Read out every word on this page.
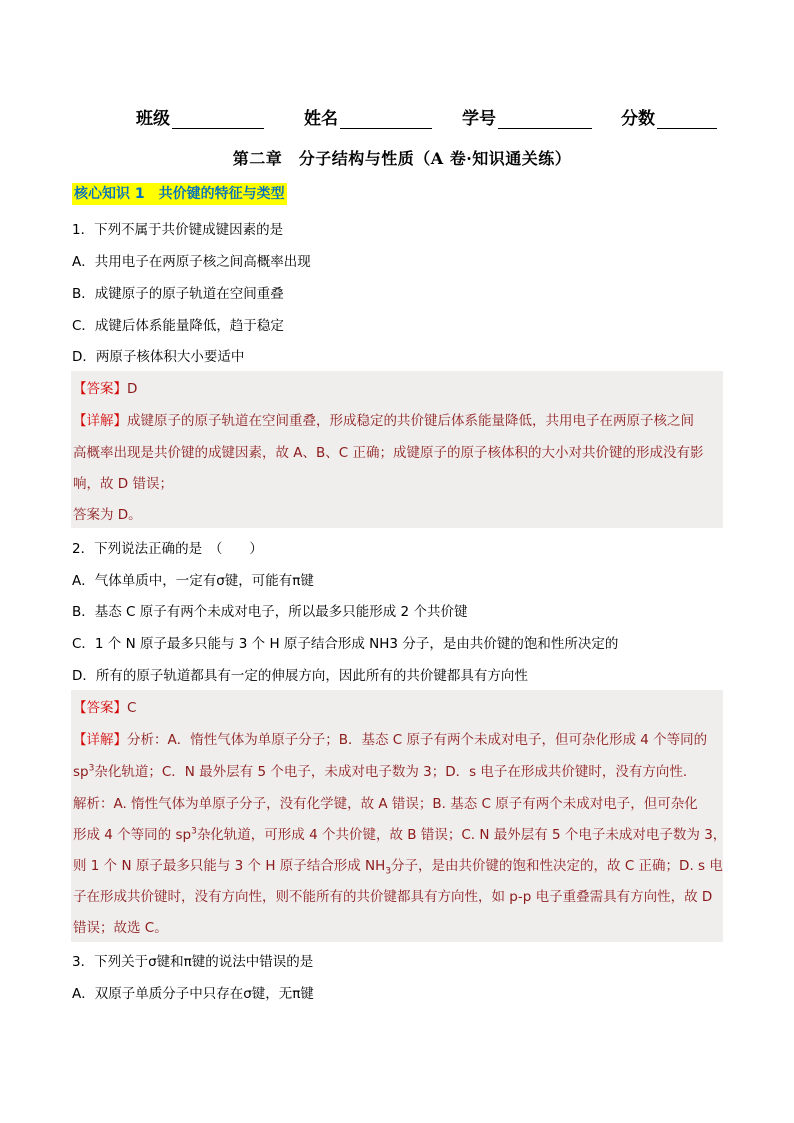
班级	姓名	学号	分数
第二章　分子结构与性质（A 卷·知识通关练）
核心知识 1　共价键的特征与类型
1．下列不属于共价键成键因素的是
A．共用电子在两原子核之间高概率出现
B．成键原子的原子轨道在空间重叠
C．成键后体系能量降低，趋于稳定
D．两原子核体积大小要适中
【答案】D
【详解】成键原子的原子轨道在空间重叠，形成稳定的共价键后体系能量降低，共用电子在两原子核之间
高概率出现是共价键的成键因素，故 A、B、C 正确；成键原子的原子核体积的大小对共价键的形成没有影
响，故 D 错误；
答案为 D。
2．下列说法正确的是　（　　）
A．气体单质中，一定有σ键，可能有π键
B．基态 C 原子有两个未成对电子，所以最多只能形成 2 个共价键
C．1 个 N 原子最多只能与 3 个 H 原子结合形成 NH3 分子，是由共价键的饱和性所决定的
D．所有的原子轨道都具有一定的伸展方向，因此所有的共价键都具有方向性
【答案】C
【详解】分析：A．惰性气体为单原子分子；B．基态 C 原子有两个未成对电子，但可杂化形成 4 个等同的
$sp^3$杂化轨道；C．N 最外层有 5 个电子，未成对电子数为 3；D．s 电子在形成共价键时，没有方向性．
解析：A. 惰性气体为单原子分子，没有化学键，故 A 错误；B. 基态 C 原子有两个未成对电子，但可杂化
形成 4 个等同的 $sp^3$杂化轨道，可形成 4 个共价键，故 B 错误；C. N 最外层有 5 个电子未成对电子数为 3，
则 1 个 N 原子最多只能与 3 个 H 原子结合形成 $NH_3$分子，是由共价键的饱和性决定的，故 C 正确；D. s 电
子在形成共价键时，没有方向性，则不能所有的共价键都具有方向性，如 p-p 电子重叠需具有方向性，故 D
错误；故选 C。
3．下列关于σ键和π键的说法中错误的是
A．双原子单质分子中只存在σ键，无π键
